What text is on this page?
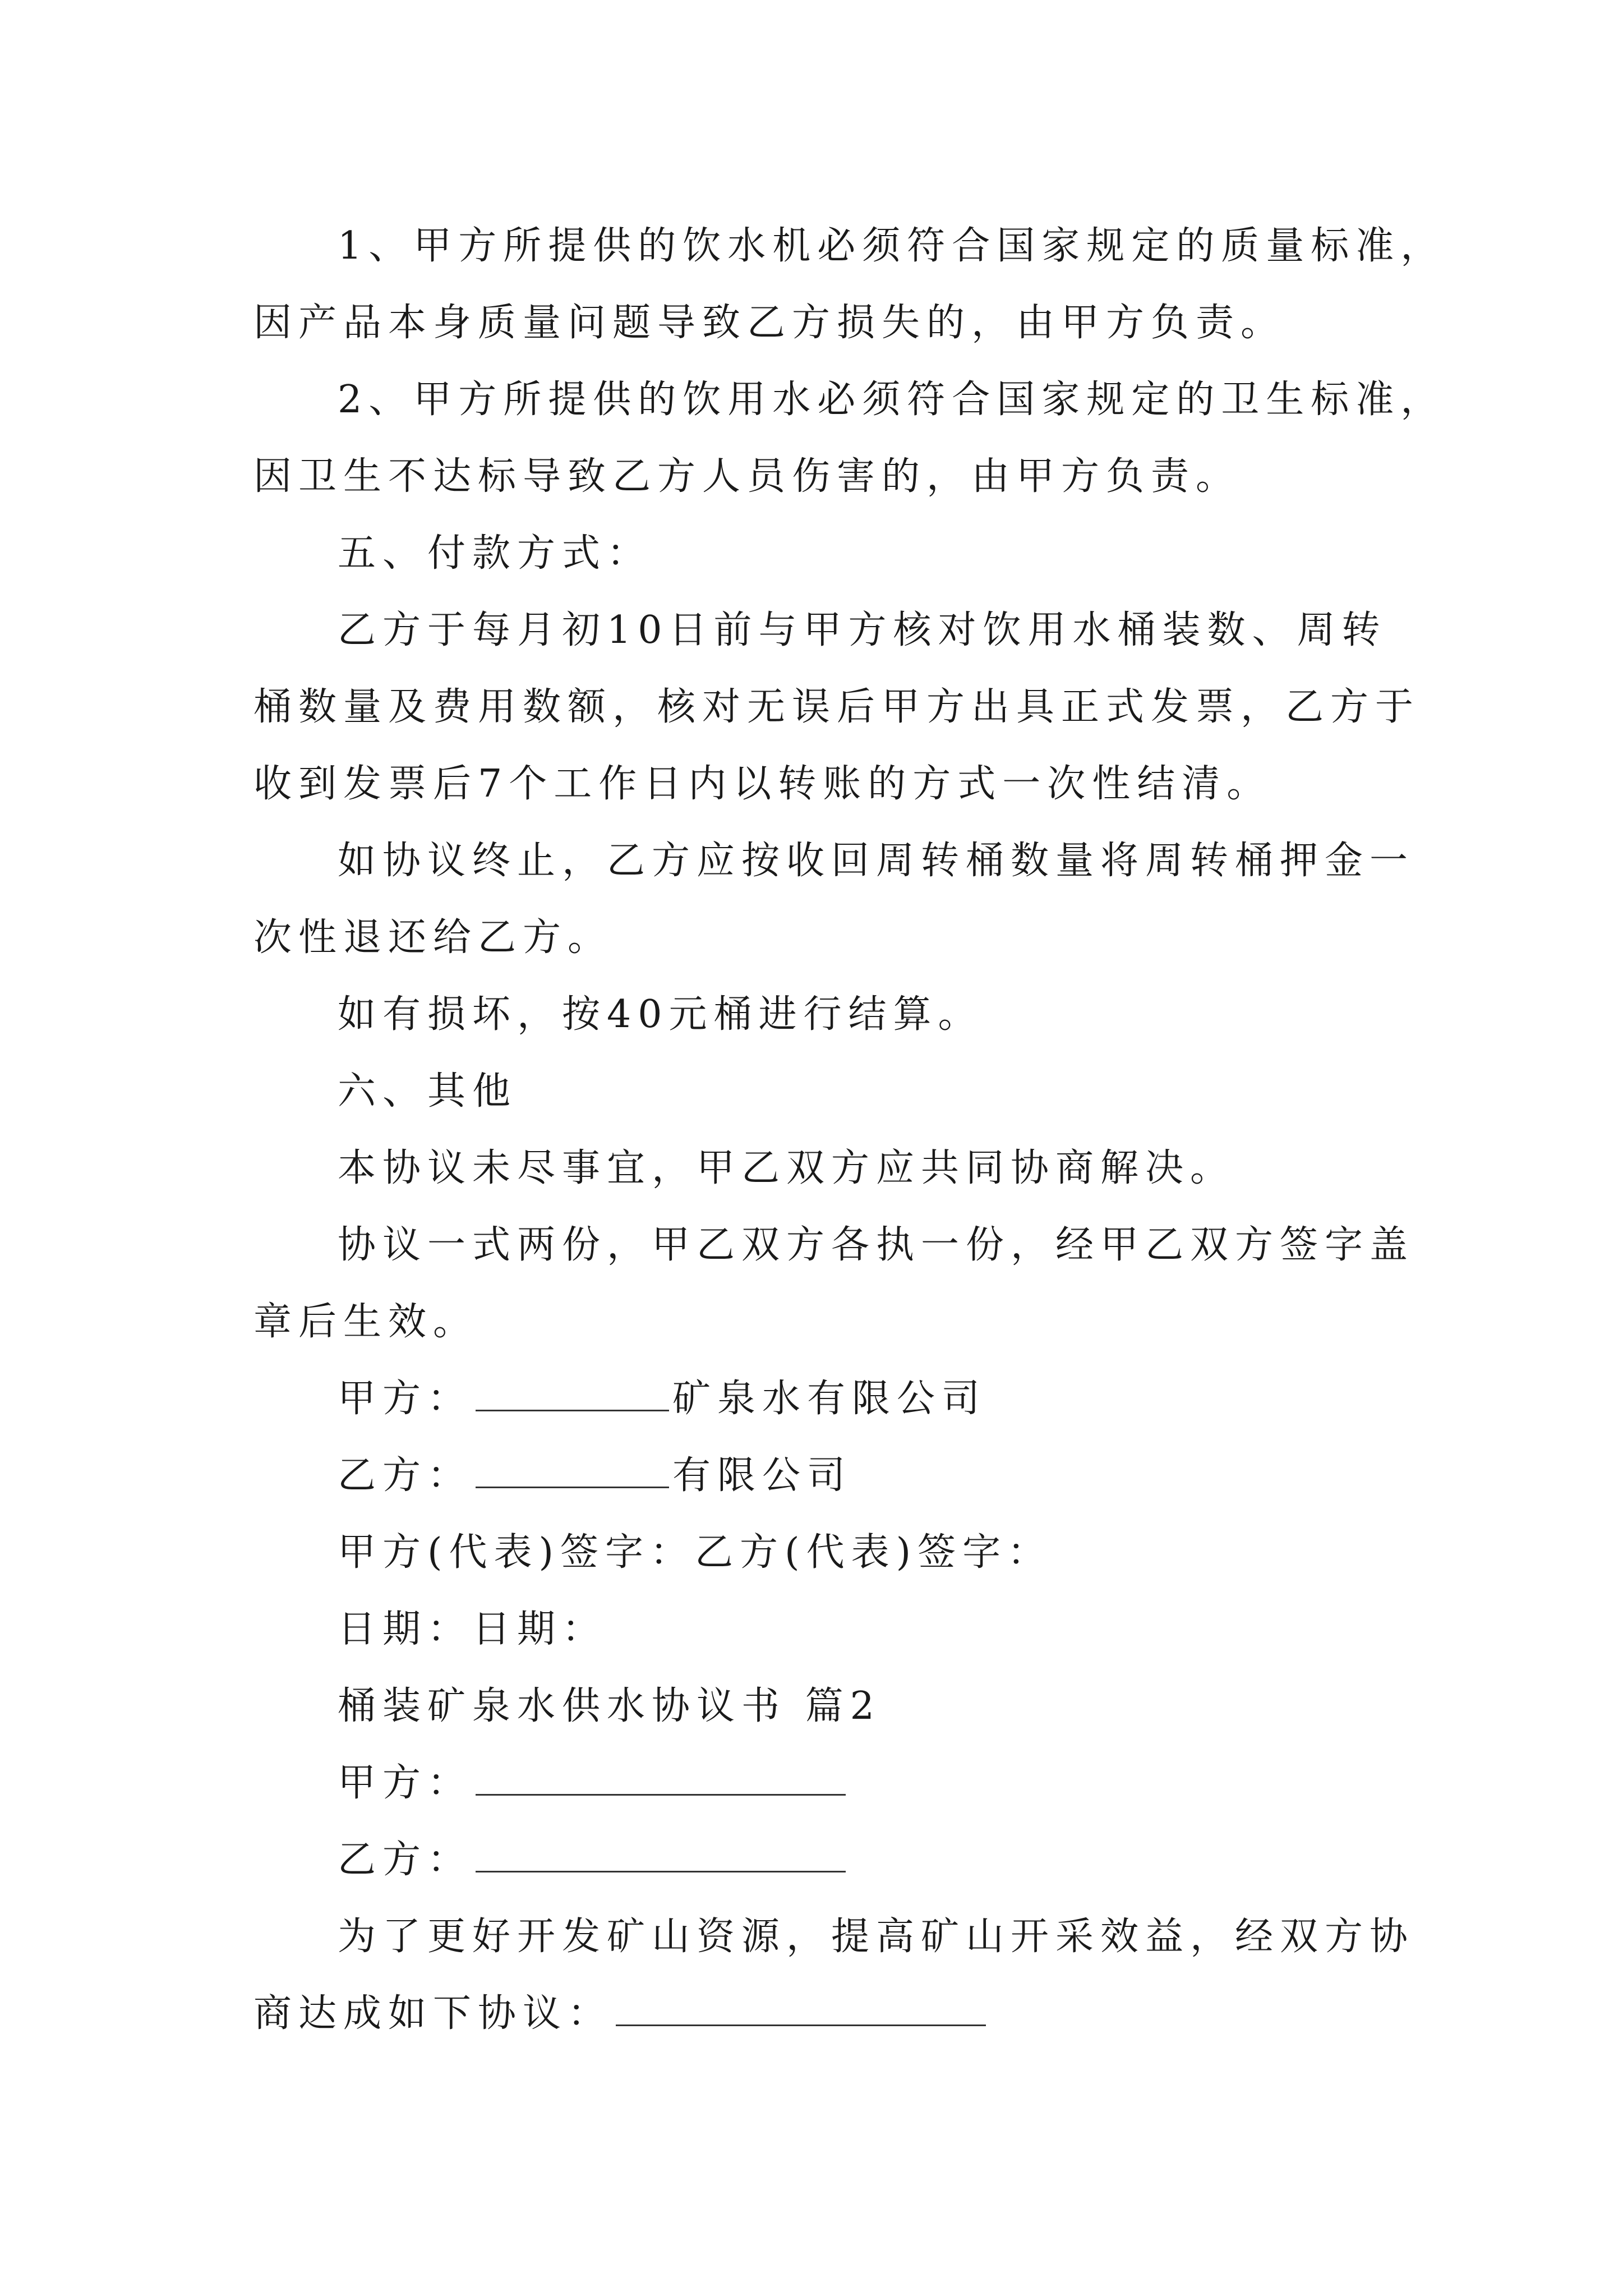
1、甲方所提供的饮水机必须符合国家规定的质量标准，

因产品本身质量问题导致乙方损失的，由甲方负责。

2、甲方所提供的饮用水必须符合国家规定的卫生标准，

因卫生不达标导致乙方人员伤害的，由甲方负责。

五、付款方式：

乙方于每月初10日前与甲方核对饮用水桶装数、周转

桶数量及费用数额，核对无误后甲方出具正式发票，乙方于

收到发票后7个工作日内以转账的方式一次性结清。

如协议终止，乙方应按收回周转桶数量将周转桶押金一

次性退还给乙方。

如有损坏，按40元桶进行结算。

六、其他

本协议未尽事宜，甲乙双方应共同协商解决。

协议一式两份，甲乙双方各执一份，经甲乙双方签字盖

章后生效。

甲方：	矿泉水有限公司

乙方：	有限公司

甲方(代表)签字：乙方(代表)签字：

日期：日期：

桶装矿泉水供水协议书 篇2

甲方：

乙方：

为了更好开发矿山资源，提高矿山开采效益，经双方协

商达成如下协议：
